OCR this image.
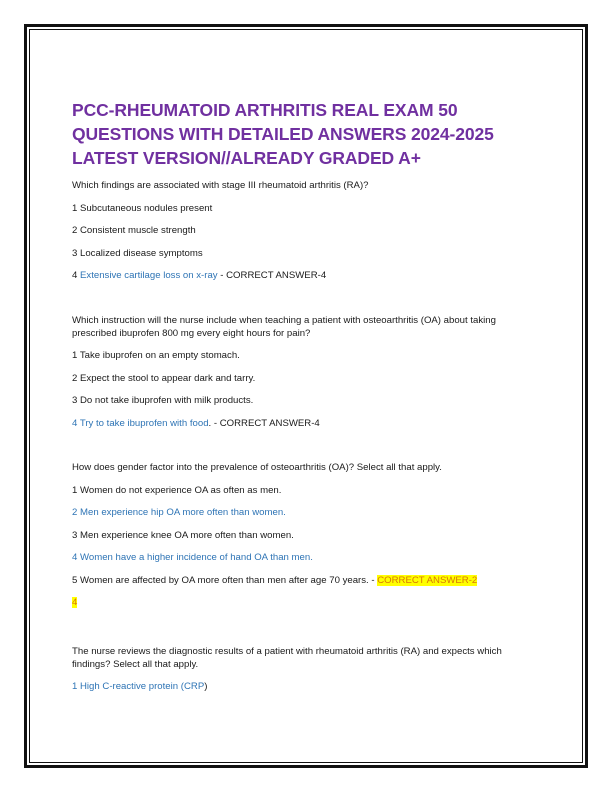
PCC-RHEUMATOID ARTHRITIS REAL EXAM 50 QUESTIONS WITH DETAILED ANSWERS 2024-2025 LATEST VERSION//ALREADY GRADED A+

Which findings are associated with stage III rheumatoid arthritis (RA)?

1 Subcutaneous nodules present

2 Consistent muscle strength

3 Localized disease symptoms

4 Extensive cartilage loss on x-ray - CORRECT ANSWER-4

Which instruction will the nurse include when teaching a patient with osteoarthritis (OA) about taking prescribed ibuprofen 800 mg every eight hours for pain?

1 Take ibuprofen on an empty stomach.

2 Expect the stool to appear dark and tarry.

3 Do not take ibuprofen with milk products.

4 Try to take ibuprofen with food. - CORRECT ANSWER-4

How does gender factor into the prevalence of osteoarthritis (OA)? Select all that apply.

1 Women do not experience OA as often as men.

2 Men experience hip OA more often than women.

3 Men experience knee OA more often than women.

4 Women have a higher incidence of hand OA than men.

5 Women are affected by OA more often than men after age 70 years. - CORRECT ANSWER-2

4

The nurse reviews the diagnostic results of a patient with rheumatoid arthritis (RA) and expects which findings? Select all that apply.

1 High C-reactive protein (CRP)
